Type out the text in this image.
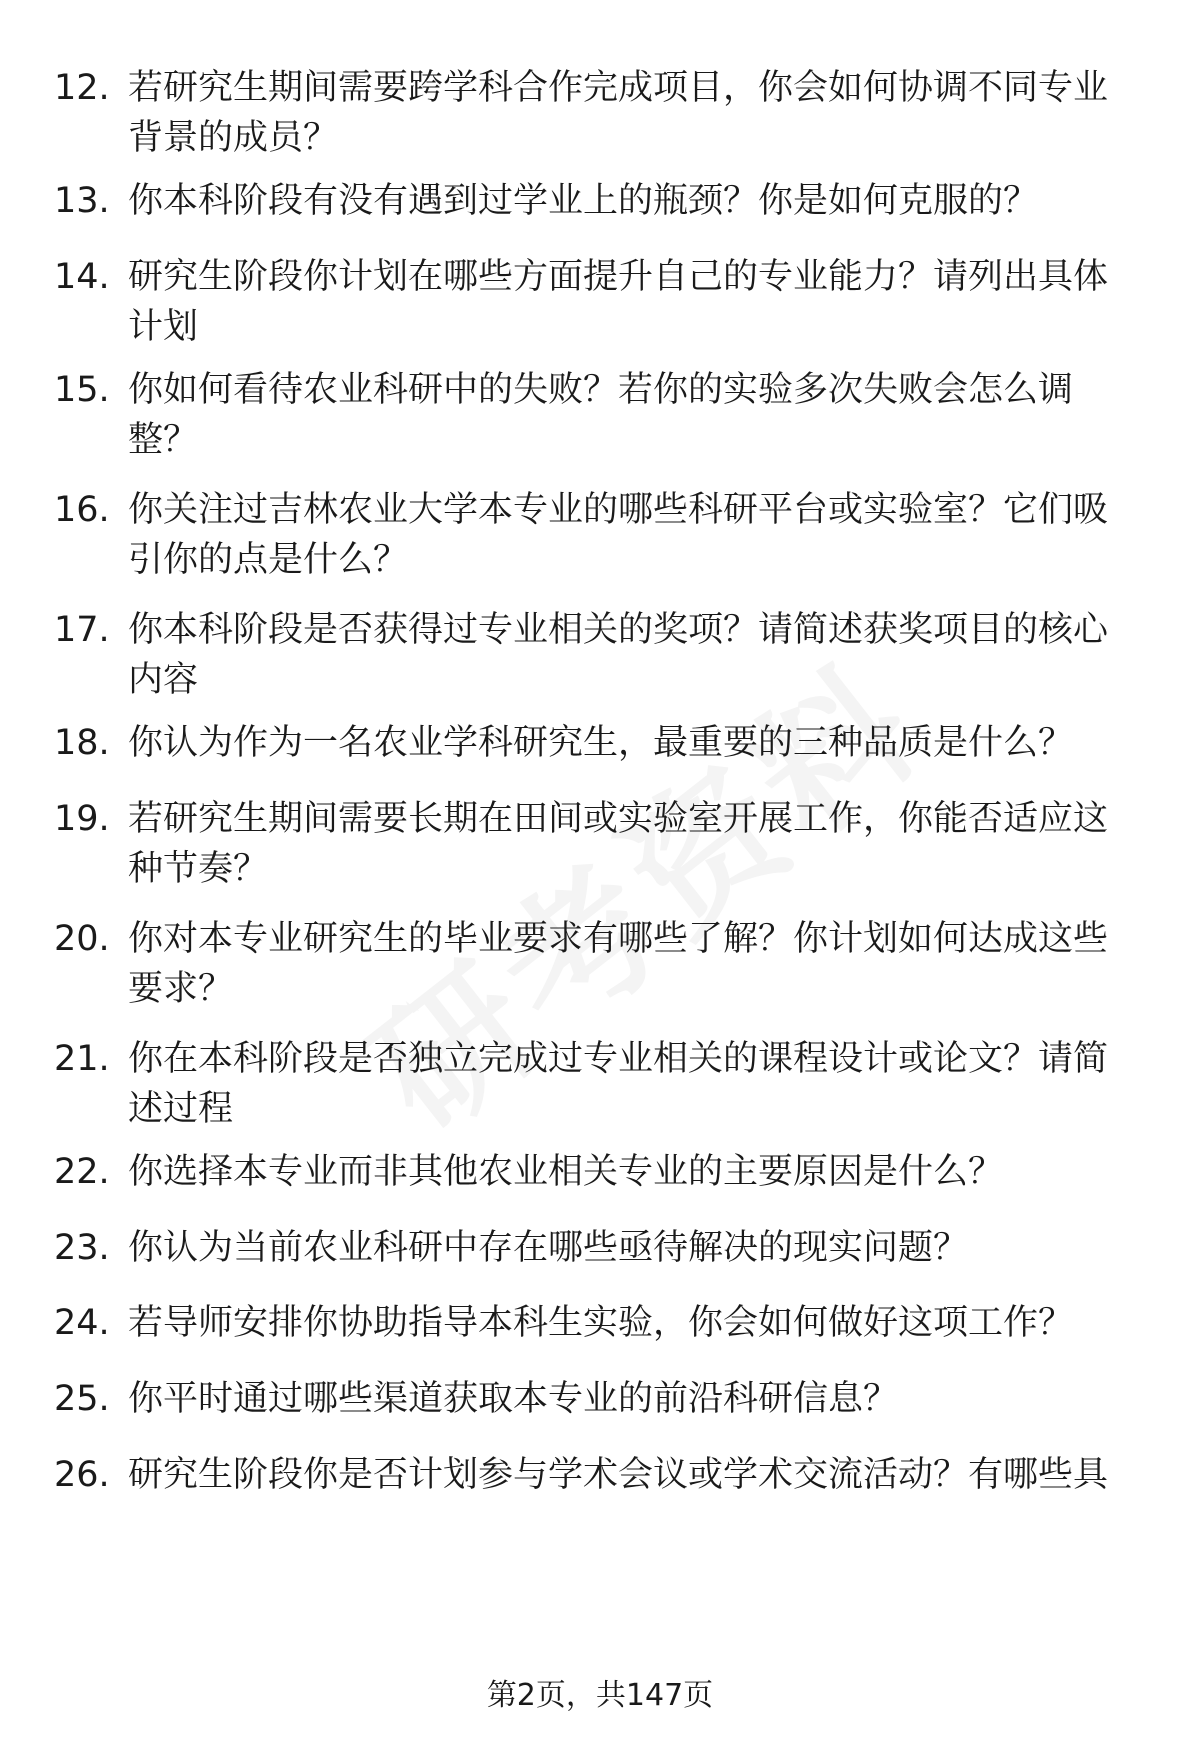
12. 若研究生期间需要跨学科合作完成项目，你会如何协调不同专业背景的成员？
13. 你本科阶段有没有遇到过学业上的瓶颈？你是如何克服的？
14. 研究生阶段你计划在哪些方面提升自己的专业能力？请列出具体计划
15. 你如何看待农业科研中的失败？若你的实验多次失败会怎么调整？
16. 你关注过吉林农业大学本专业的哪些科研平台或实验室？它们吸引你的点是什么？
17. 你本科阶段是否获得过专业相关的奖项？请简述获奖项目的核心内容
18. 你认为作为一名农业学科研究生，最重要的三种品质是什么？
19. 若研究生期间需要长期在田间或实验室开展工作，你能否适应这种节奏？
20. 你对本专业研究生的毕业要求有哪些了解？你计划如何达成这些要求？
21. 你在本科阶段是否独立完成过专业相关的课程设计或论文？请简述过程
22. 你选择本专业而非其他农业相关专业的主要原因是什么？
23. 你认为当前农业科研中存在哪些亟待解决的现实问题？
24. 若导师安排你协助指导本科生实验，你会如何做好这项工作？
25. 你平时通过哪些渠道获取本专业的前沿科研信息？
26. 研究生阶段你是否计划参与学术会议或学术交流活动？有哪些具
第2页，共147页
